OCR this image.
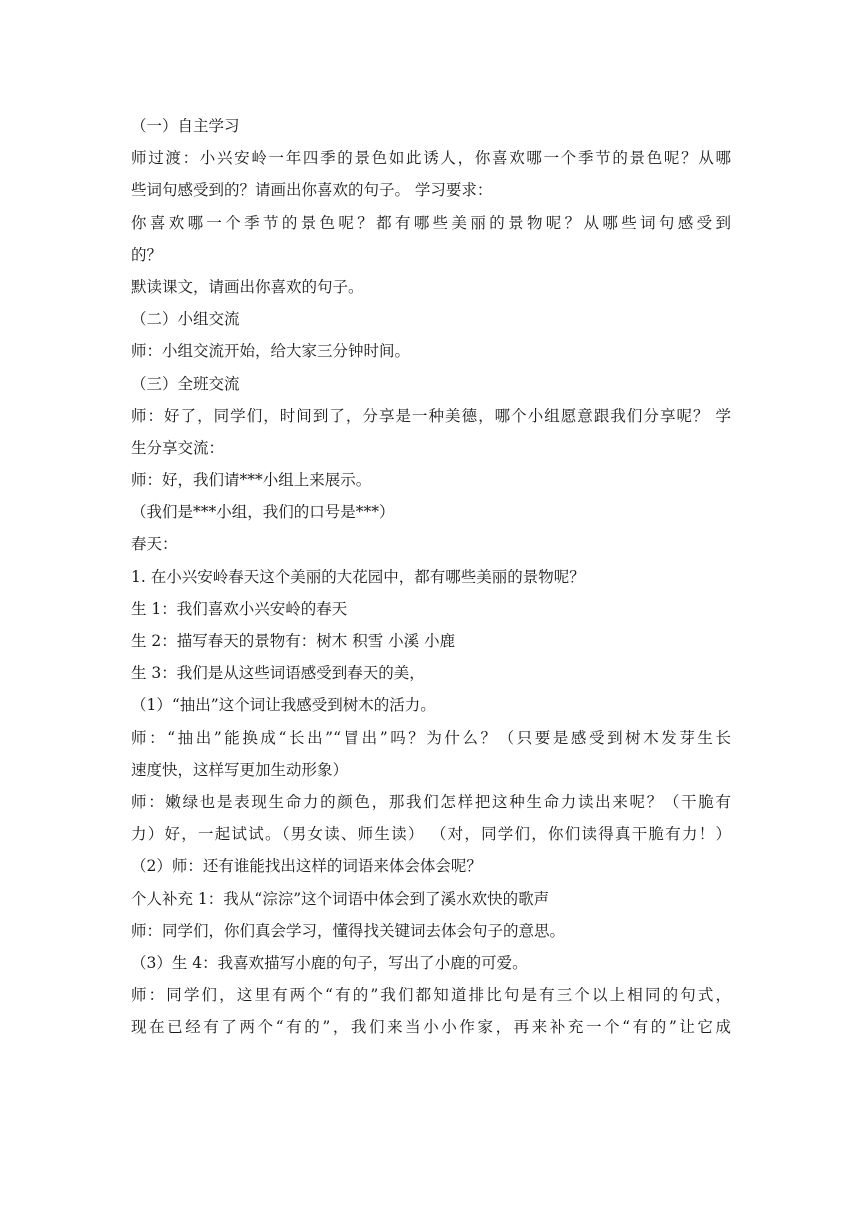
（一）自主学习
师过渡：小兴安岭一年四季的景色如此诱人，你喜欢哪一个季节的景色呢？从哪
些词句感受到的？请画出你喜欢的句子。 学习要求：
你喜欢哪一个季节的景色呢？都有哪些美丽的景物呢？从哪些词句感受到
的？
默读课文，请画出你喜欢的句子。
（二）小组交流
师：小组交流开始，给大家三分钟时间。
（三）全班交流
师：好了，同学们，时间到了，分享是一种美德，哪个小组愿意跟我们分享呢？ 学
生分享交流：
师：好，我们请***小组上来展示。
（我们是***小组，我们的口号是***）
春天：
1. 在小兴安岭春天这个美丽的大花园中，都有哪些美丽的景物呢？
生 1：我们喜欢小兴安岭的春天
生 2：描写春天的景物有：树木 积雪 小溪 小鹿
生 3：我们是从这些词语感受到春天的美，
（1）“抽出”这个词让我感受到树木的活力。
师：“抽出”能换成“长出”“冒出”吗？为什么？（只要是感受到树木发芽生长
速度快，这样写更加生动形象）
师：嫩绿也是表现生命力的颜色，那我们怎样把这种生命力读出来呢？（干脆有
力）好，一起试试。（男女读、师生读） （对，同学们，你们读得真干脆有力！）
（2）师：还有谁能找出这样的词语来体会体会呢？
个人补充 1：我从“淙淙”这个词语中体会到了溪水欢快的歌声
师：同学们，你们真会学习，懂得找关键词去体会句子的意思。
（3）生 4：我喜欢描写小鹿的句子，写出了小鹿的可爱。
师：同学们，这里有两个“有的”我们都知道排比句是有三个以上相同的句式，
现在已经有了两个“有的”，我们来当小小作家，再来补充一个“有的”让它成
